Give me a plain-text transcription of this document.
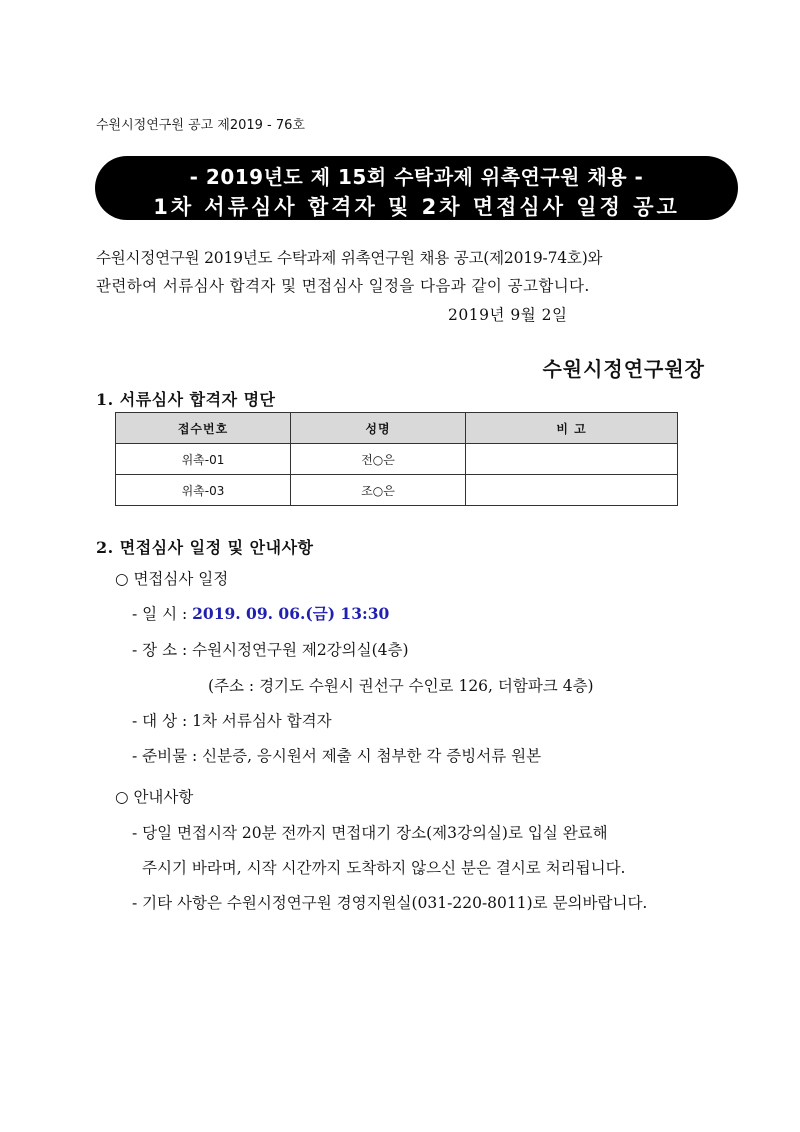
수원시정연구원 공고 제2019 - 76호
- 2019년도 제 15회 수탁과제 위촉연구원 채용 -
1차 서류심사 합격자 및 2차 면접심사 일정 공고
수원시정연구원 2019년도 수탁과제 위촉연구원 채용 공고(제2019-74호)와
관련하여 서류심사 합격자 및 면접심사 일정을 다음과 같이 공고합니다.
2019년 9월 2일
수원시정연구원장
1. 서류심사 합격자 명단
접수번호	성명	비 고
위촉-01	전○은	
위촉-03	조○은	
2. 면접심사 일정 및 안내사항
○ 면접심사 일정
- 일 시 : 2019. 09. 06.(금) 13:30
- 장 소 : 수원시정연구원 제2강의실(4층)
(주소 : 경기도 수원시 권선구 수인로 126, 더함파크 4층)
- 대 상 : 1차 서류심사 합격자
- 준비물 : 신분증, 응시원서 제출 시 첨부한 각 증빙서류 원본
○ 안내사항
- 당일 면접시작 20분 전까지 면접대기 장소(제3강의실)로 입실 완료해
주시기 바라며, 시작 시간까지 도착하지 않으신 분은 결시로 처리됩니다.
- 기타 사항은 수원시정연구원 경영지원실(031-220-8011)로 문의바랍니다.
